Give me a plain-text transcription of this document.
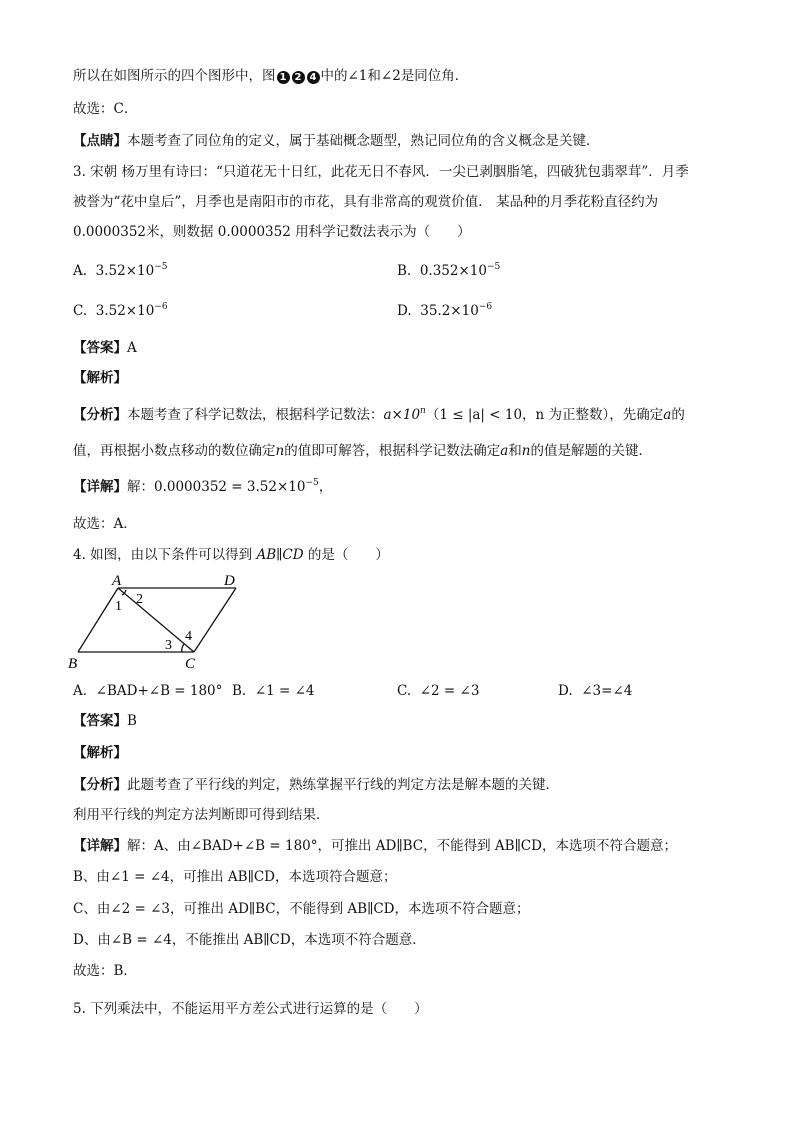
所以在如图所示的四个图形中，图 1 2 4 中的∠1和∠2是同位角．
故选：C．
【点睛】本题考查了同位角的定义，属于基础概念题型，熟记同位角的含义概念是关键．
3. 宋朝 杨万里有诗曰：“只道花无十日红，此花无日不春风．一尖已剥胭脂笔，四破犹包翡翠茸”．月季
被誉为“花中皇后”，月季也是南阳市的市花，具有非常高的观赏价值． 某品种的月季花粉直径约为
0.0000352米，则数据 0.0000352 用科学记数法表示为（　　）
A. $3.52\times 10^{-5}$	B. $0.352\times 10^{-5}$
C. $3.52\times 10^{-6}$	D. $35.2\times 10^{-6}$
【答案】A
【解析】
【分析】本题考查了科学记数法，根据科学记数法：$a\times 10^n(1 \le |a| < 10$，n 为正整数），先确定a的
值，再根据小数点移动的数位确定n的值即可解答，根据科学记数法确定a和n的值是解题的关键．
【详解】解：$0.0000352 = 3.52\times 10^{-5}$，
故选：A．
4. 如图，由以下条件可以得到 AB∥CD 的是（　　）
A	D
B	C
1 2
3
4
A. ∠BAD+∠B = 180° B. ∠1 = ∠4	C. ∠2 = ∠3	D. ∠3=∠4
【答案】B
【解析】
【分析】此题考查了平行线的判定，熟练掌握平行线的判定方法是解本题的关键．
利用平行线的判定方法判断即可得到结果．
【详解】解：A、由∠BAD+∠B = 180°，可推出 AD∥BC，不能得到 AB∥CD，本选项不符合题意；
B、由∠1 = ∠4，可推出 AB∥CD，本选项符合题意；
C、由∠2 = ∠3，可推出 AD∥BC，不能得到 AB∥CD，本选项不符合题意；
D、由∠B = ∠4，不能推出 AB∥CD，本选项不符合题意．
故选：B．
5. 下列乘法中，不能运用平方差公式进行运算的是（　　）
